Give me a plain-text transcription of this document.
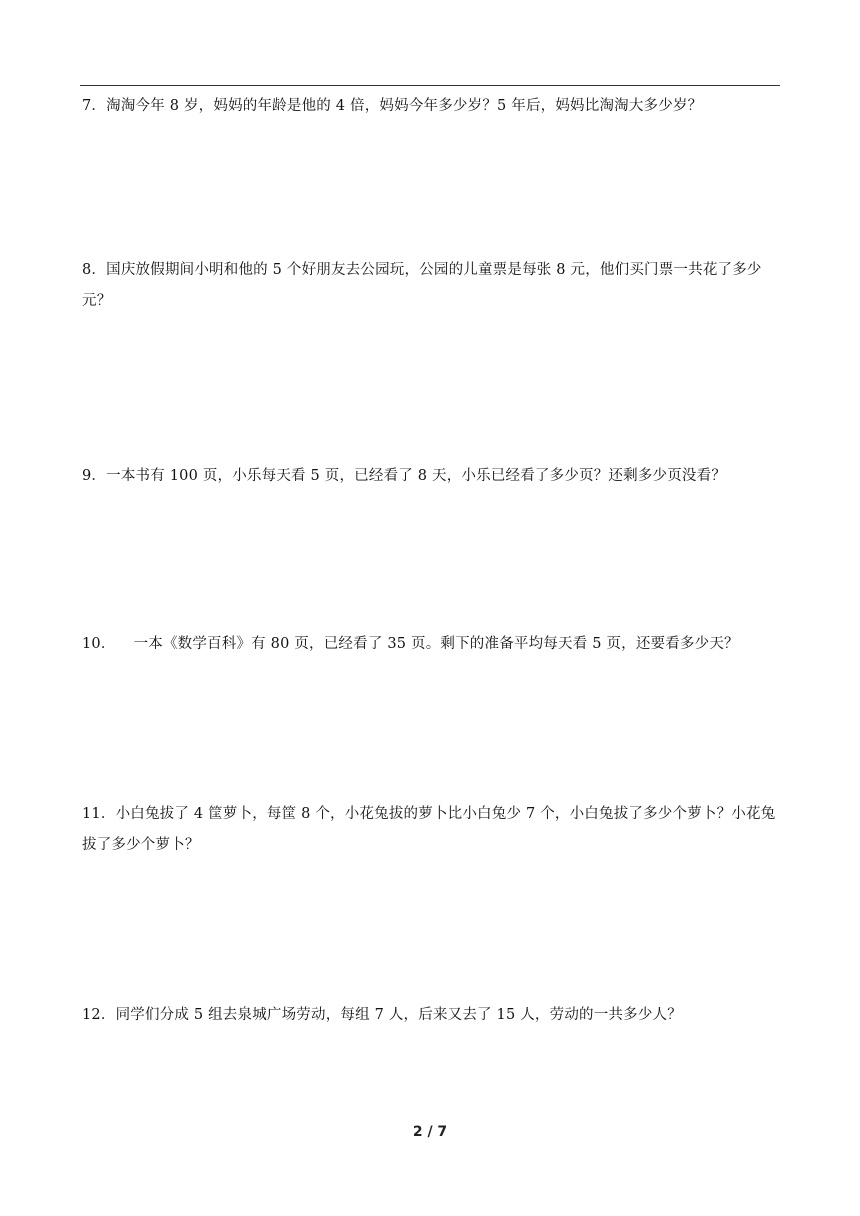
7．淘淘今年 8 岁，妈妈的年龄是他的 4 倍，妈妈今年多少岁？5 年后，妈妈比淘淘大多少岁？

8．国庆放假期间小明和他的 5 个好朋友去公园玩，公园的儿童票是每张 8 元，他们买门票一共花了多少元？

9．一本书有 100 页，小乐每天看 5 页，已经看了 8 天，小乐已经看了多少页？还剩多少页没看？

10． 一本《数学百科》有 80 页，已经看了 35 页。剩下的准备平均每天看 5 页，还要看多少天？

11．小白兔拔了 4 筐萝卜，每筐 8 个，小花兔拔的萝卜比小白兔少 7 个，小白兔拔了多少个萝卜？小花兔拔了多少个萝卜？

12．同学们分成 5 组去泉城广场劳动，每组 7 人，后来又去了 15 人，劳动的一共多少人？

2 / 7
